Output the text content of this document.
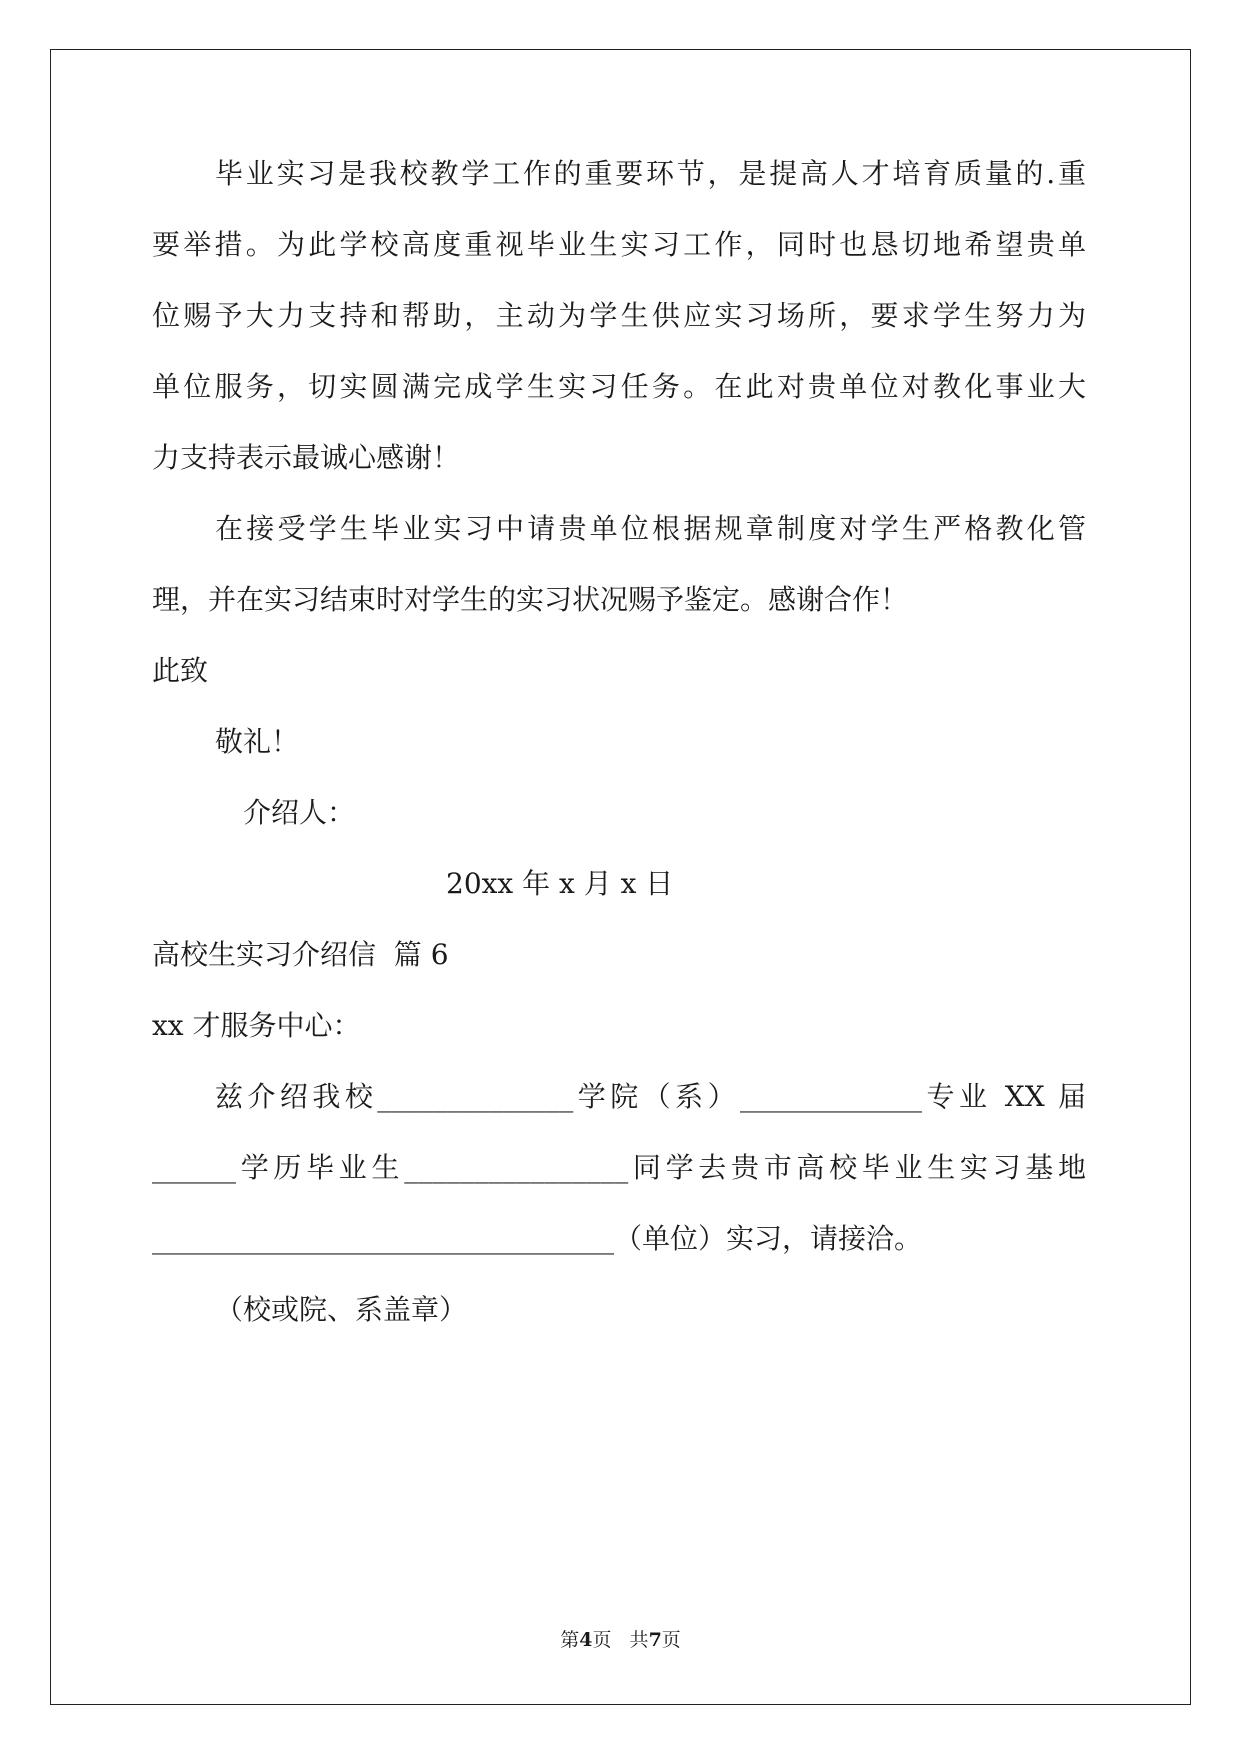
毕业实习是我校教学工作的重要环节，是提高人才培育质量的.重
要举措。为此学校高度重视毕业生实习工作，同时也恳切地希望贵单
位赐予大力支持和帮助，主动为学生供应实习场所，要求学生努力为
单位服务，切实圆满完成学生实习任务。在此对贵单位对教化事业大
力支持表示最诚心感谢！
在接受学生毕业实习中请贵单位根据规章制度对学生严格教化管
理，并在实习结束时对学生的实习状况赐予鉴定。感谢合作！
此致
敬礼！
介绍人：
20xx 年 x 月 x 日
高校生实习介绍信  篇 6
xx 才服务中心：
兹介绍我校______________学院（系）_____________专业 XX 届
______学历毕业生________________同学去贵市高校毕业生实习基地
_________________________________（单位）实习，请接洽。
（校或院、系盖章）
第4页   共7页
